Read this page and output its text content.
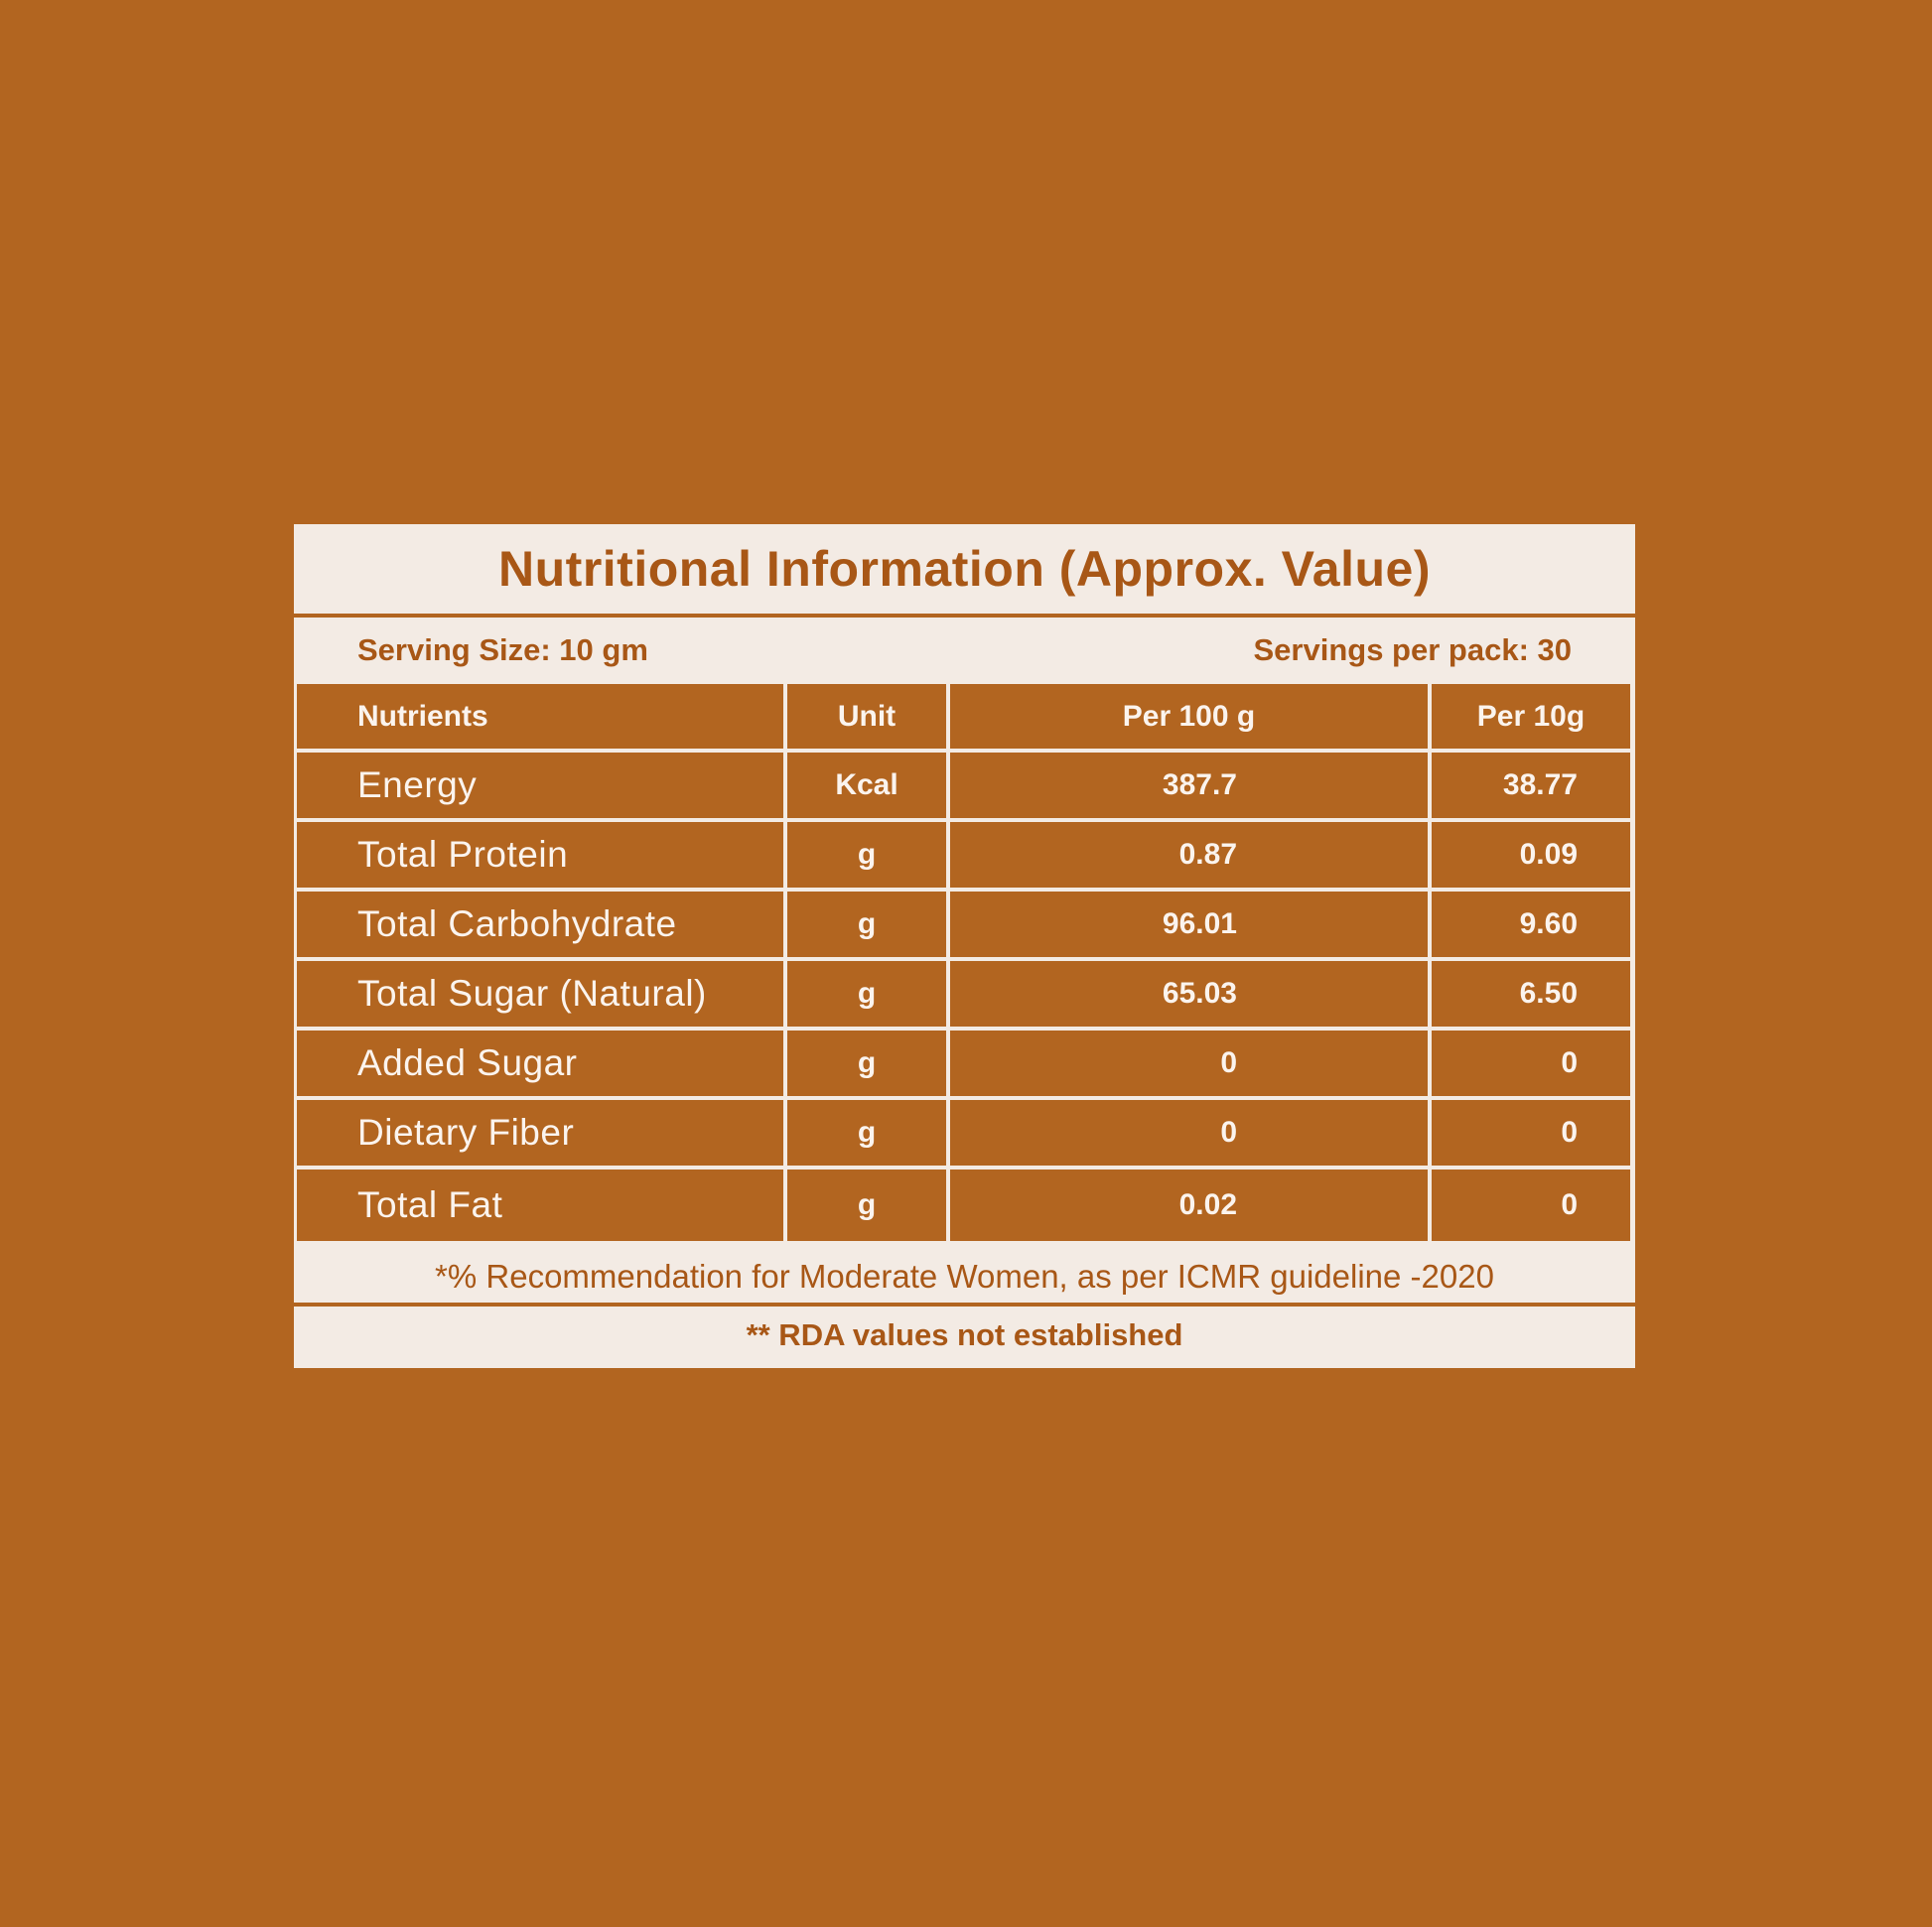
Nutritional Information (Approx. Value)
Serving Size: 10 gm	Servings per pack: 30
Nutrients	Unit	Per 100 g	Per 10g
Energy	Kcal	387.7	38.77
Total Protein	g	0.87	0.09
Total Carbohydrate	g	96.01	9.60
Total Sugar (Natural)	g	65.03	6.50
Added Sugar	g	0	0
Dietary Fiber	g	0	0
Total Fat	g	0.02	0
*% Recommendation for Moderate Women, as per ICMR guideline -2020
** RDA values not established
